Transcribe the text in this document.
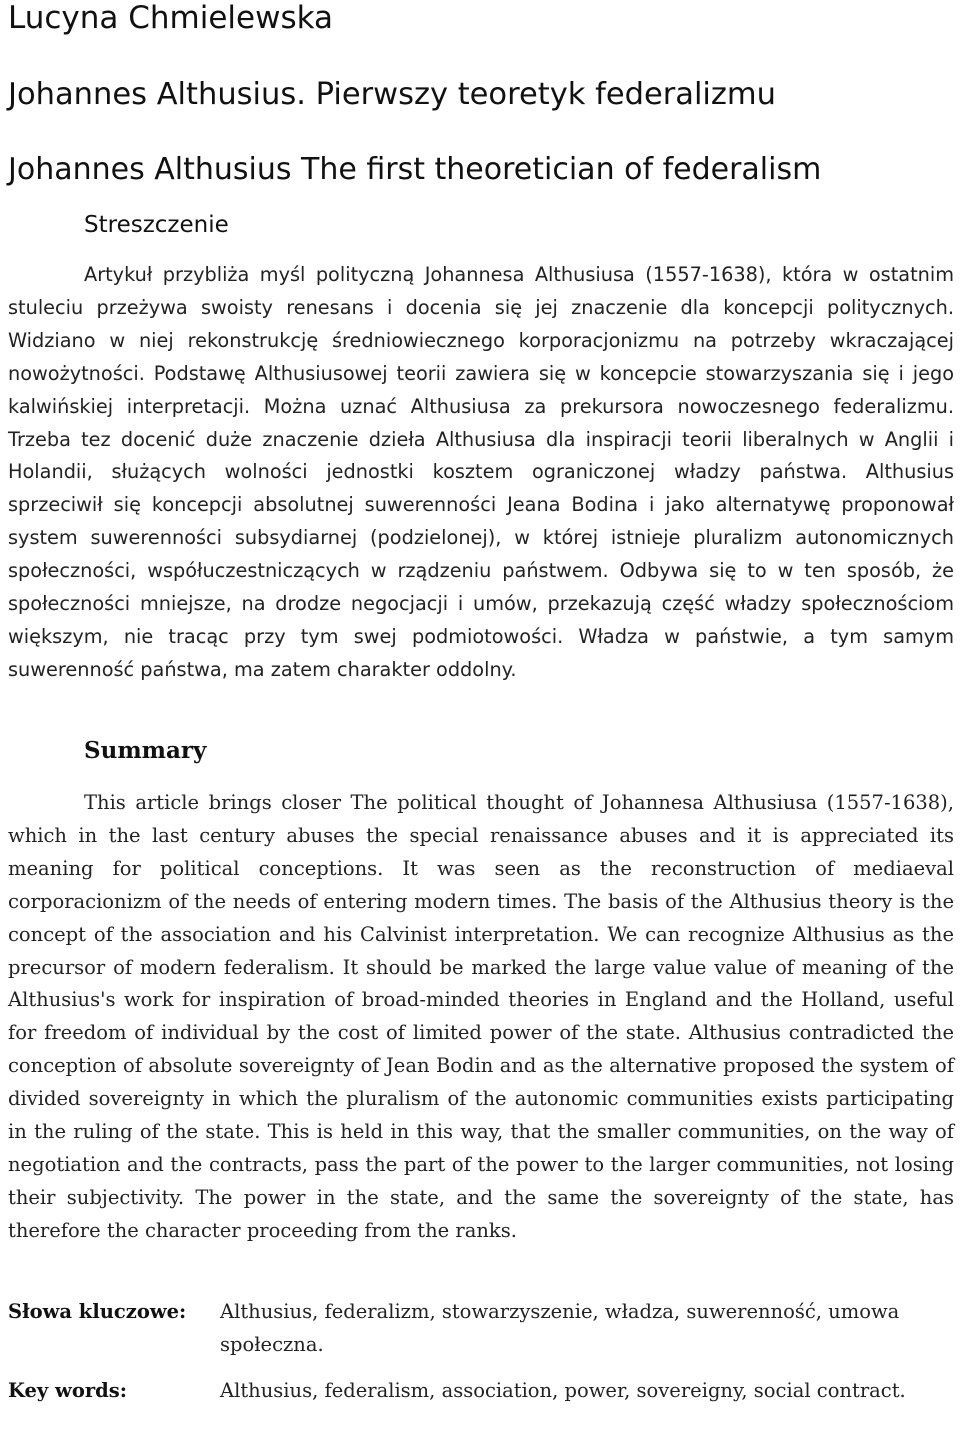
Lucyna Chmielewska
Johannes Althusius. Pierwszy teoretyk federalizmu
Johannes Althusius The first theoretician of federalism
Streszczenie

Artykuł przybliża myśl polityczną Johannesa Althusiusa (1557-1638), która w ostatnim stuleciu przeżywa swoisty renesans i docenia się jej znaczenie dla koncepcji politycznych. Widziano w niej rekonstrukcję średniowiecznego korporacjonizmu na potrzeby wkraczającej nowożytności. Podstawę Althusiusowej teorii zawiera się w koncepcie stowarzyszania się i jego kalwińskiej interpretacji. Można uznać Althusiusa za prekursora nowoczesnego federalizmu. Trzeba tez docenić duże znaczenie dzieła Althusiusa dla inspiracji teorii liberalnych w Anglii i Holandii, służących wolności jednostki kosztem ograniczonej władzy państwa. Althusius sprzeciwił się koncepcji absolutnej suwerenności Jeana Bodina i jako alternatywę proponował system suwerenności subsydiarnej (podzielonej), w której istnieje pluralizm autonomicznych społeczności, współuczestniczących w rządzeniu państwem. Odbywa się to w ten sposób, że społeczności mniejsze, na drodze negocjacji i umów, przekazują część władzy społecznościom większym, nie tracąc przy tym swej podmiotowości. Władza w państwie, a tym samym suwerenność państwa, ma zatem charakter oddolny.

Summary

This article brings closer The political thought of Johannesa Althusiusa (1557-1638), which in the last century abuses the special renaissance abuses and it is appreciated its meaning for political conceptions. It was seen as the reconstruction of mediaeval corporacionizm of the needs of entering modern times. The basis of the Althusius theory is the concept of the association and his Calvinist interpretation. We can recognize Althusius as the precursor of modern federalism. It should be marked the large value value of meaning of the Althusius's work for inspiration of broad-minded theories in England and the Holland, useful for freedom of individual by the cost of limited power of the state. Althusius contradicted the conception of absolute sovereignty of Jean Bodin and as the alternative proposed the system of divided sovereignty in which the pluralism of the autonomic communities exists participating in the ruling of the state. This is held in this way, that the smaller communities, on the way of negotiation and the contracts, pass the part of the power to the larger communities, not losing their subjectivity. The power in the state, and the same the sovereignty of the state, has therefore the character proceeding from the ranks.

Słowa kluczowe: Althusius, federalizm, stowarzyszenie, władza, suwerenność, umowa społeczna.
Key words:	Althusius, federalism, association, power, sovereigny, social contract.
